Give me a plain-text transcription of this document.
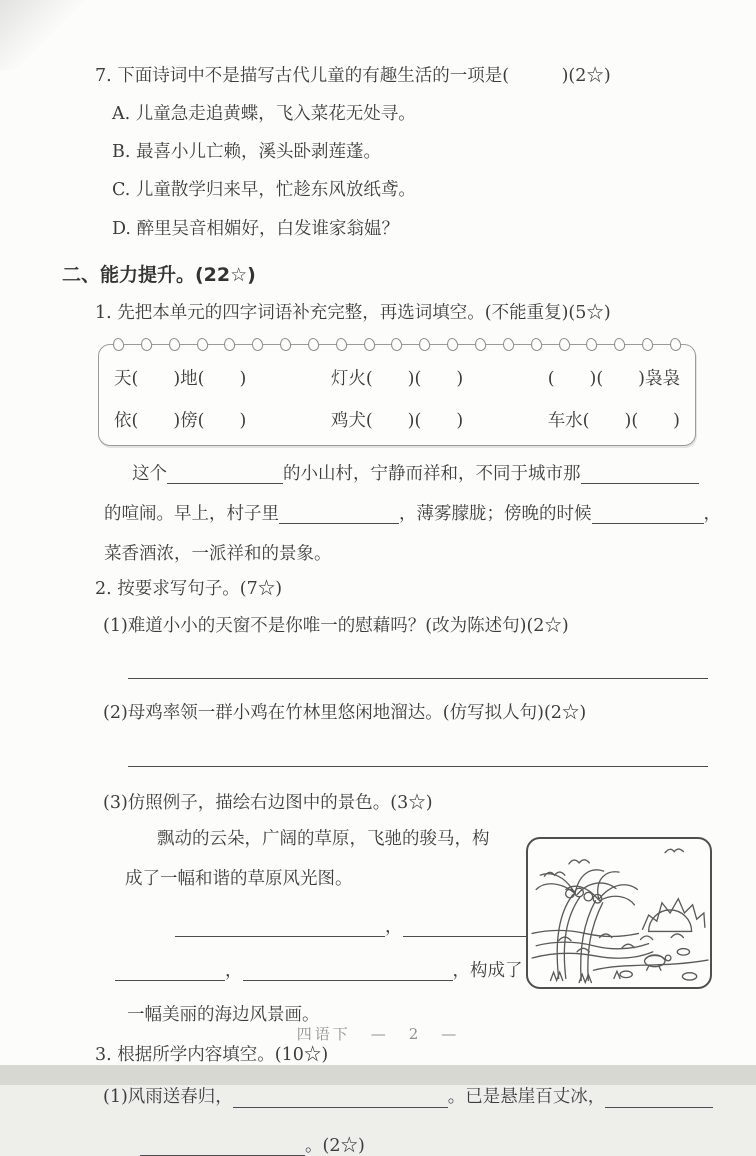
7. 下面诗词中不是描写古代儿童的有趣生活的一项是(　　　)(2☆)
A. 儿童急走追黄蝶，飞入菜花无处寻。
B. 最喜小儿亡赖，溪头卧剥莲蓬。
C. 儿童散学归来早，忙趁东风放纸鸢。
D. 醉里吴音相媚好，白发谁家翁媪？
二、能力提升。(22☆)
1. 先把本单元的四字词语补充完整，再选词填空。(不能重复)(5☆)
天(　　)地(　　)	灯火(　　)(　　)	(　　)(　　)袅袅
依(　　)傍(　　)	鸡犬(　　)(　　)	车水(　　)(　　)
这个	的小山村，宁静而祥和，不同于城市那
的喧闹。早上，村子里	，薄雾朦胧；傍晚的时候	，
菜香酒浓，一派祥和的景象。
2. 按要求写句子。(7☆)
(1)难道小小的天窗不是你唯一的慰藉吗？(改为陈述句)(2☆)
(2)母鸡率领一群小鸡在竹林里悠闲地溜达。(仿写拟人句)(2☆)
(3)仿照例子，描绘右边图中的景色。(3☆)
飘动的云朵，广阔的草原，飞驰的骏马，构
成了一幅和谐的草原风光图。
，
，	，构成了
一幅美丽的海边风景画。
3. 根据所学内容填空。(10☆)
(1)风雨送春归，	。已是悬崖百丈冰，
。(2☆)
四语下 — 2 —
